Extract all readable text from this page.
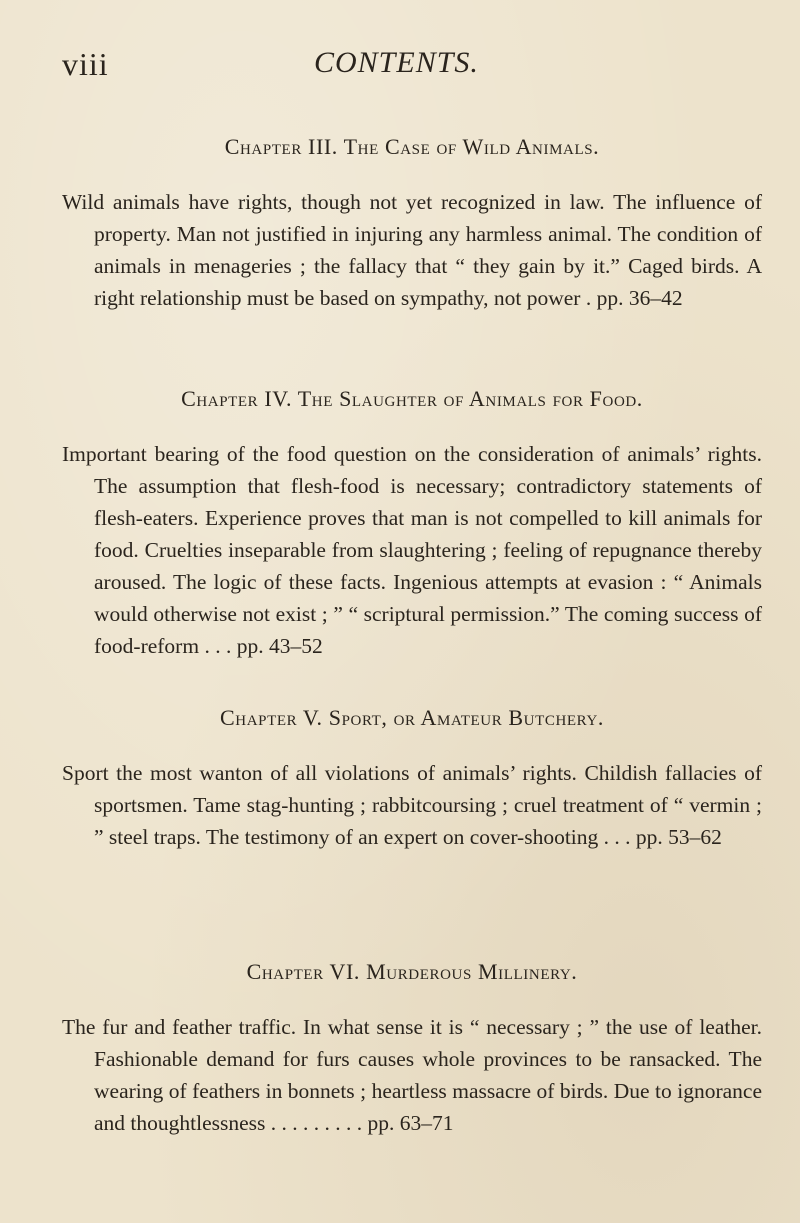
viii	CONTENTS.
Chapter III. The Case of Wild Animals.
Wild animals have rights, though not yet recognized in law. The influence of property. Man not justified in injuring any harmless animal. The condition of animals in menageries ; the fallacy that “ they gain by it.” Caged birds. A right relationship must be based on sympathy, not power . pp. 36–42
Chapter IV. The Slaughter of Animals for Food.
Important bearing of the food question on the consideration of animals’ rights. The assumption that flesh-food is necessary; contradictory statements of flesh-eaters. Experience proves that man is not compelled to kill animals for food. Cruelties inseparable from slaughtering ; feeling of repugnance thereby aroused. The logic of these facts. Ingenious attempts at evasion : “ Animals would otherwise not exist ; ” “ scriptural permission.” The coming success of food-reform . . . pp. 43–52
Chapter V. Sport, or Amateur Butchery.
Sport the most wanton of all violations of animals’ rights. Childish fallacies of sportsmen. Tame stag-hunting ; rabbitcoursing ; cruel treatment of “ vermin ; ” steel traps. The testimony of an expert on cover-shooting . . . pp. 53–62
Chapter VI. Murderous Millinery.
The fur and feather traffic. In what sense it is “ necessary ; ” the use of leather. Fashionable demand for furs causes whole provinces to be ransacked. The wearing of feathers in bonnets ; heartless massacre of birds. Due to ignorance and thoughtlessness . . . . . . . . . pp. 63–71
